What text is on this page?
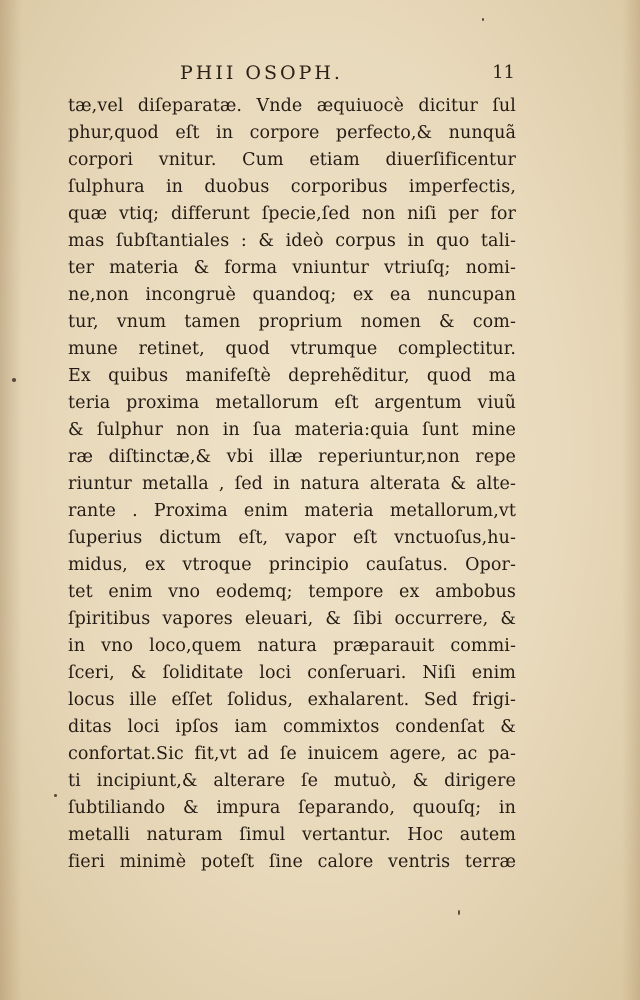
PHII OSOPH.	11
tæ,vel diſeparatæ. Vnde æquiuocè dicitur ſul
phur,quod eſt in corpore perfecto,& nunquã
corpori vnitur. Cum etiam diuerſificentur
ſulphura in duobus corporibus imperfectis,
quæ vtiq; differunt ſpecie,ſed non niſi per for
mas ſubſtantiales : & ideò corpus in quo tali-
ter materia & forma vniuntur vtriuſq; nomi-
ne,non incongruè quandoq; ex ea nuncupan
tur, vnum tamen proprium nomen & com-
mune retinet, quod vtrumque complectitur.
Ex quibus manifeſtè deprehẽditur, quod ma
teria proxima metallorum eſt argentum viuũ
& ſulphur non in ſua materia:quia ſunt mine
ræ diſtinctæ,& vbi illæ reperiuntur,non repe
riuntur metalla , ſed in natura alterata & alte-
rante . Proxima enim materia metallorum,vt
ſuperius dictum eſt, vapor eſt vnctuoſus,hu-
midus, ex vtroque principio cauſatus. Opor-
tet enim vno eodemq; tempore ex ambobus
ſpiritibus vapores eleuari, & ſibi occurrere, &
in vno loco,quem natura præparauit commi-
ſceri, & ſoliditate loci conſeruari. Niſi enim
locus ille eſſet ſolidus, exhalarent. Sed frigi-
ditas loci ipſos iam commixtos condenſat &
confortat.Sic fit,vt ad ſe inuicem agere, ac pa-
ti incipiunt,& alterare ſe mutuò, & dirigere
ſubtiliando & impura ſeparando, quouſq; in
metalli naturam ſimul vertantur. Hoc autem
fieri minimè poteſt ſine calore ventris terræ
